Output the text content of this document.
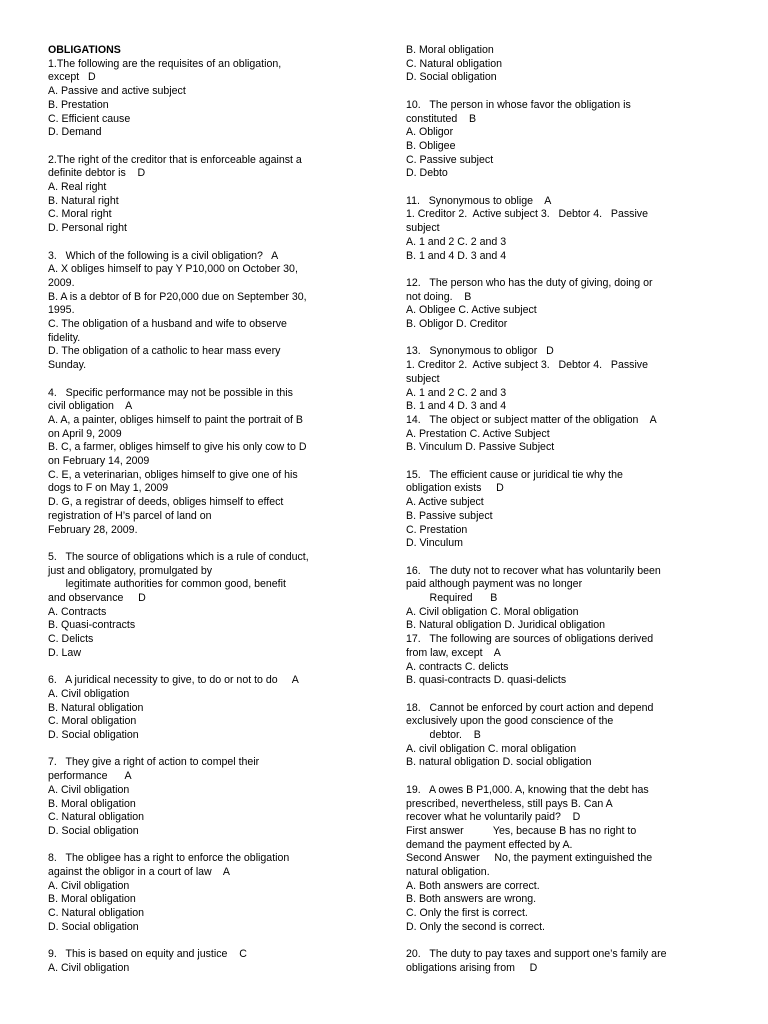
OBLIGATIONS
1.The following are the requisites of an obligation,
except   D
A. Passive and active subject
B. Prestation
C. Efficient cause
D. Demand
2.The right of the creditor that is enforceable against a
definite debtor is    D
A. Real right
B. Natural right
C. Moral right
D. Personal right
3.   Which of the following is a civil obligation?   A
A. X obliges himself to pay Y P10,000 on October 30,
2009.
B. A is a debtor of B for P20,000 due on September 30,
1995.
C. The obligation of a husband and wife to observe
fidelity.
D. The obligation of a catholic to hear mass every
Sunday.
4.   Specific performance may not be possible in this
civil obligation    A
A. A, a painter, obliges himself to paint the portrait of B
on April 9, 2009
B. C, a farmer, obliges himself to give his only cow to D
on February 14, 2009
C. E, a veterinarian, obliges himself to give one of his
dogs to F on May 1, 2009
D. G, a registrar of deeds, obliges himself to effect
registration of H’s parcel of land on
February 28, 2009.
5.   The source of obligations which is a rule of conduct,
just and obligatory, promulgated by
legitimate authorities for common good, benefit
and observance     D
A. Contracts
B. Quasi-contracts
C. Delicts
D. Law
6.   A juridical necessity to give, to do or not to do     A
A. Civil obligation
B. Natural obligation
C. Moral obligation
D. Social obligation
7.   They give a right of action to compel their
performance      A
A. Civil obligation
B. Moral obligation
C. Natural obligation
D. Social obligation
8.   The obligee has a right to enforce the obligation
against the obligor in a court of law    A
A. Civil obligation
B. Moral obligation
C. Natural obligation
D. Social obligation
9.   This is based on equity and justice    C
A. Civil obligation
B. Moral obligation
C. Natural obligation
D. Social obligation
10.   The person in whose favor the obligation is
constituted    B
A. Obligor
B. Obligee
C. Passive subject
D. Debto
11.   Synonymous to oblige    A
1. Creditor 2.  Active subject 3.   Debtor 4.   Passive
subject
A. 1 and 2 C. 2 and 3
B. 1 and 4 D. 3 and 4
12.   The person who has the duty of giving, doing or
not doing.    B
A. Obligee C. Active subject
B. Obligor D. Creditor
13.   Synonymous to obligor   D
1. Creditor 2.  Active subject 3.   Debtor 4.   Passive
subject
A. 1 and 2 C. 2 and 3
B. 1 and 4 D. 3 and 4
14.   The object or subject matter of the obligation    A
A. Prestation C. Active Subject
B. Vinculum D. Passive Subject
15.   The efficient cause or juridical tie why the
obligation exists     D
A. Active subject
B. Passive subject
C. Prestation
D. Vinculum
16.   The duty not to recover what has voluntarily been
paid although payment was no longer
Required      B
A. Civil obligation C. Moral obligation
B. Natural obligation D. Juridical obligation
17.   The following are sources of obligations derived
from law, except    A
A. contracts C. delicts
B. quasi-contracts D. quasi-delicts
18.   Cannot be enforced by court action and depend
exclusively upon the good conscience of the
debtor.    B
A. civil obligation C. moral obligation
B. natural obligation D. social obligation
19.   A owes B P1,000. A, knowing that the debt has
prescribed, nevertheless, still pays B. Can A
recover what he voluntarily paid?    D
First answer          Yes, because B has no right to
demand the payment effected by A.
Second Answer     No, the payment extinguished the
natural obligation.
A. Both answers are correct.
B. Both answers are wrong.
C. Only the first is correct.
D. Only the second is correct.
20.   The duty to pay taxes and support one’s family are
obligations arising from     D
